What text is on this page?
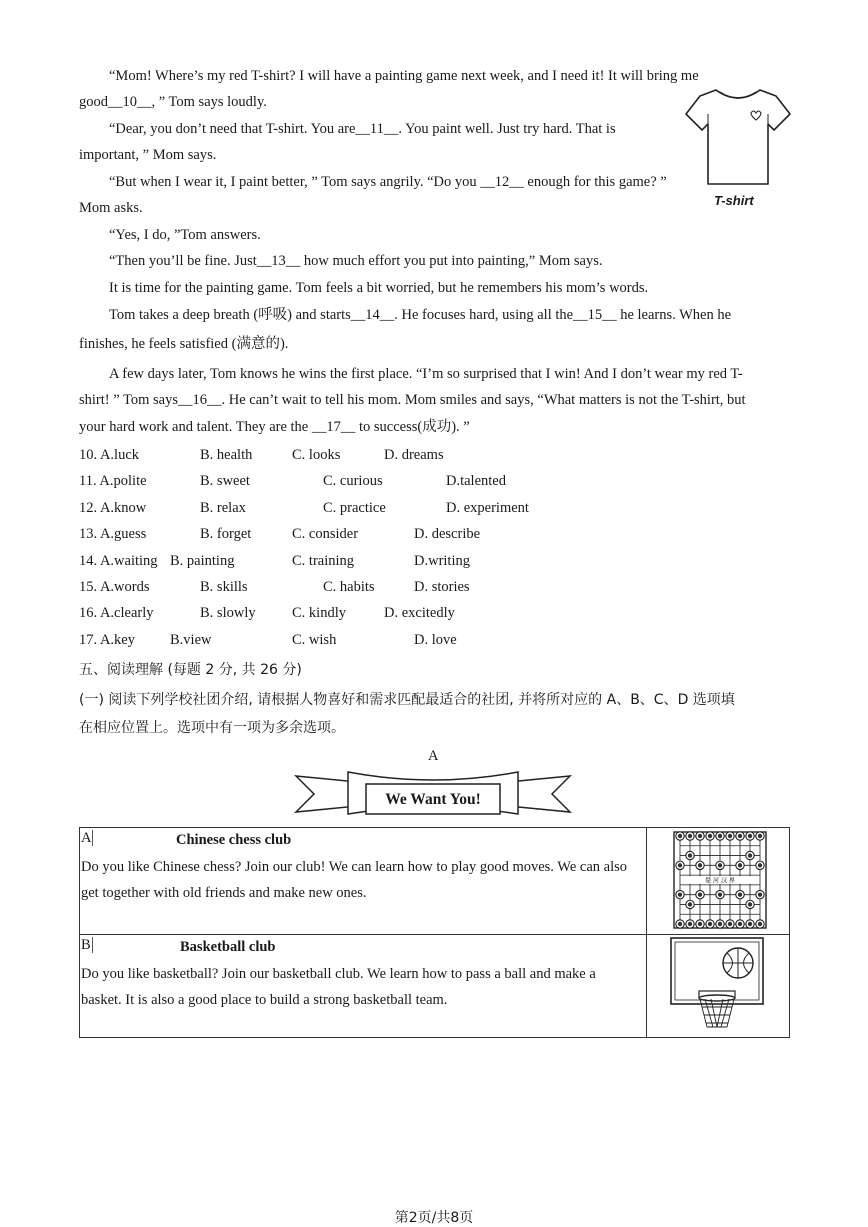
“Mom! Where’s my red T-shirt? I will have a painting game next week, and I need it! It will bring me
good__10__, ” Tom says loudly.
“Dear, you don’t need that T-shirt. You are__11__. You paint well. Just try hard. That is
important, ” Mom says.
“But when I wear it, I paint better, ” Tom says angrily. “Do you __12__ enough for this game? ”
Mom asks.
“Yes, I do, ”Tom answers.
“Then you’ll be fine. Just__13__ how much effort you put into painting,” Mom says.
It is time for the painting game. Tom feels a bit worried, but he remembers his mom’s words.
Tom takes a deep breath (呼吸) and starts__14__. He focuses hard, using all the__15__ he learns. When he
finishes, he feels satisfied (满意的).
A few days later, Tom knows he wins the first place. “I’m so surprised that I win! And I don’t wear my red T-
shirt! ” Tom says__16__. He can’t wait to tell his mom. Mom smiles and says, “What matters is not the T-shirt, but
your hard work and talent. They are the __17__ to success(成功). ”
T-shirt
10. A.luck	B. health	C. looks	D. dreams
11. A.polite	B. sweet	C. curious	D.talented
12. A.know	B. relax	C. practice	D. experiment
13. A.guess	B. forget	C. consider	D. describe
14. A.waiting B. painting	C. training	D.writing
15. A.words	B. skills	C. habits	D. stories
16. A.clearly	B. slowly	C. kindly	D. excitedly
17. A.key B.view	C. wish	D. love
五、阅读理解 (每题 2 分, 共 26 分)
(一) 阅读下列学校社团介绍, 请根据人物喜好和需求匹配最适合的社团, 并将所对应的 A、B、C、D 选项填
在相应位置上。选项中有一项为多余选项。
A
We Want You!
A	Chinese chess club
Do you like Chinese chess? Join our club! We can learn how to play good moves. We can also
get together with old friends and make new ones.
楚 河 汉 界
B	Basketball club
Do you like basketball? Join our basketball club. We learn how to pass a ball and make a
basket. It is also a good place to build a strong basketball team.
第2页/共8页
